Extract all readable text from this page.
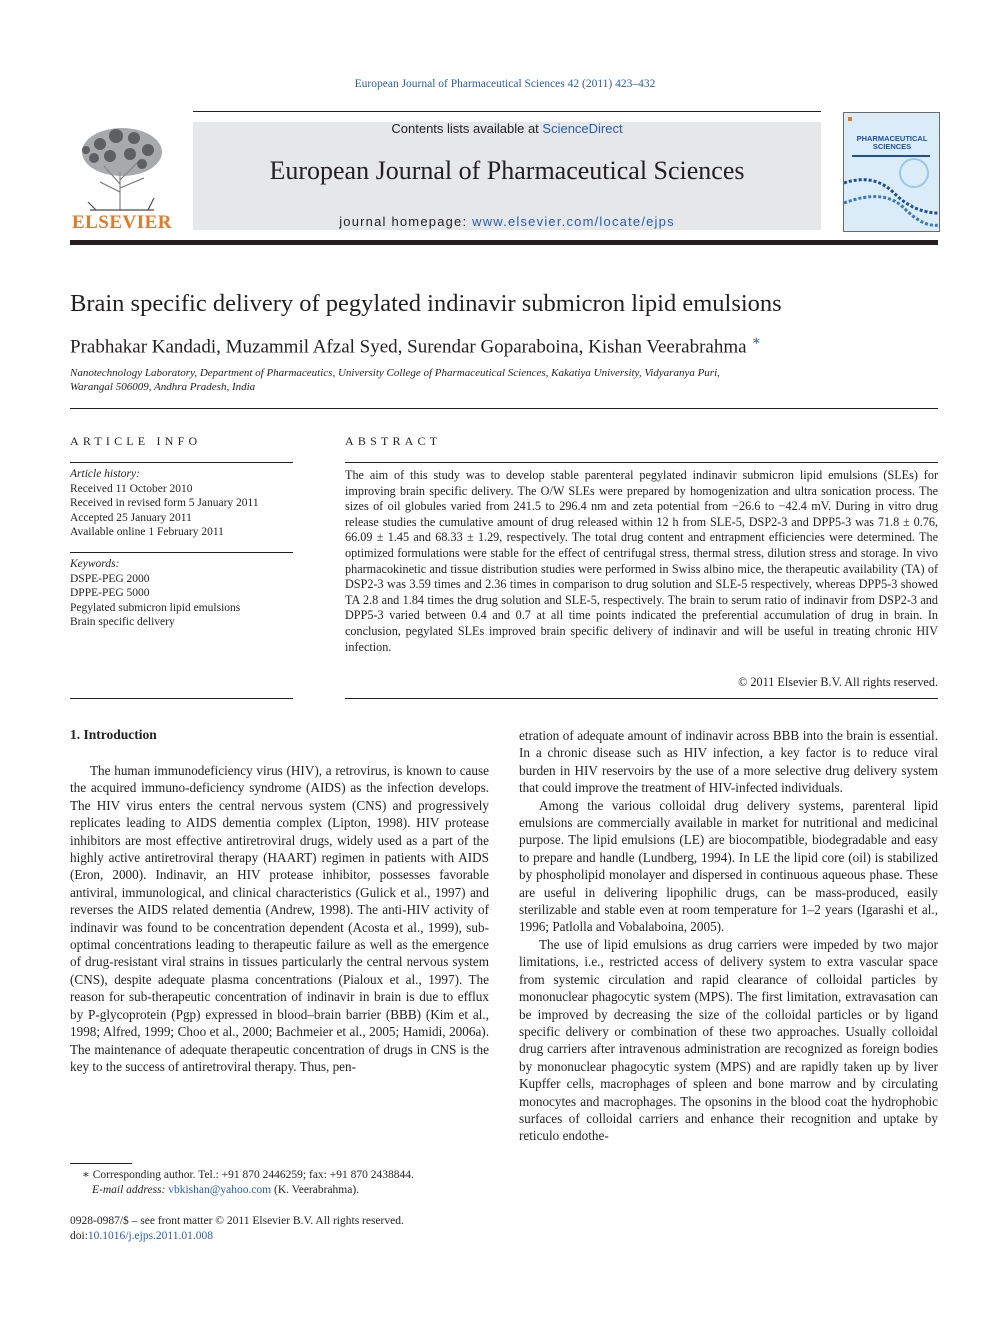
European Journal of Pharmaceutical Sciences 42 (2011) 423–432
ELSEVIER
Contents lists available at ScienceDirect
European Journal of Pharmaceutical Sciences
journal homepage: www.elsevier.com/locate/ejps
PHARMACEUTICAL
SCIENCES
Brain specific delivery of pegylated indinavir submicron lipid emulsions
Prabhakar Kandadi, Muzammil Afzal Syed, Surendar Goparaboina, Kishan Veerabrahma ∗
Nanotechnology Laboratory, Department of Pharmaceutics, University College of Pharmaceutical Sciences, Kakatiya University, Vidyaranya Puri,
Warangal 506009, Andhra Pradesh, India
ARTICLE INFO	ABSTRACT
Article history:
Received 11 October 2010
Received in revised form 5 January 2011
Accepted 25 January 2011
Available online 1 February 2011
Keywords:
DSPE-PEG 2000
DPPE-PEG 5000
Pegylated submicron lipid emulsions
Brain specific delivery
The aim of this study was to develop stable parenteral pegylated indinavir submicron lipid emulsions (SLEs) for improving brain specific delivery. The O/W SLEs were prepared by homogenization and ultra sonication process. The sizes of oil globules varied from 241.5 to 296.4 nm and zeta potential from −26.6 to −42.4 mV. During in vitro drug release studies the cumulative amount of drug released within 12 h from SLE-5, DSP2-3 and DPP5-3 was 71.8 ± 0.76, 66.09 ± 1.45 and 68.33 ± 1.29, respectively. The total drug content and entrapment efficiencies were determined. The optimized formulations were stable for the effect of centrifugal stress, thermal stress, dilution stress and storage. In vivo pharmacokinetic and tissue distribution studies were performed in Swiss albino mice, the therapeutic availability (TA) of DSP2-3 was 3.59 times and 2.36 times in comparison to drug solution and SLE-5 respectively, whereas DPP5-3 showed TA 2.8 and 1.84 times the drug solution and SLE-5, respectively. The brain to serum ratio of indinavir from DSP2-3 and DPP5-3 varied between 0.4 and 0.7 at all time points indicated the preferential accumulation of drug in brain. In conclusion, pegylated SLEs improved brain specific delivery of indinavir and will be useful in treating chronic HIV infection.
© 2011 Elsevier B.V. All rights reserved.
1. Introduction

The human immunodeficiency virus (HIV), a retrovirus, is known to cause the acquired immuno-deficiency syndrome (AIDS) as the infection develops. The HIV virus enters the central nervous system (CNS) and progressively replicates leading to AIDS dementia complex (Lipton, 1998). HIV protease inhibitors are most effective antiretroviral drugs, widely used as a part of the highly active antiretroviral therapy (HAART) regimen in patients with AIDS (Eron, 2000). Indinavir, an HIV protease inhibitor, possesses favorable antiviral, immunological, and clinical characteristics (Gulick et al., 1997) and reverses the AIDS related dementia (Andrew, 1998). The anti-HIV activity of indinavir was found to be concentration dependent (Acosta et al., 1999), sub-optimal concentrations leading to therapeutic failure as well as the emergence of drug-resistant viral strains in tissues particularly the central nervous system (CNS), despite adequate plasma concentrations (Pialoux et al., 1997). The reason for sub-therapeutic concentration of indinavir in brain is due to efflux by P-glycoprotein (Pgp) expressed in blood–brain barrier (BBB) (Kim et al., 1998; Alfred, 1999; Choo et al., 2000; Bachmeier et al., 2005; Hamidi, 2006a). The maintenance of adequate therapeutic concentration of drugs in CNS is the key to the success of antiretroviral therapy. Thus, pen-

etration of adequate amount of indinavir across BBB into the brain is essential. In a chronic disease such as HIV infection, a key factor is to reduce viral burden in HIV reservoirs by the use of a more selective drug delivery system that could improve the treatment of HIV-infected individuals.

Among the various colloidal drug delivery systems, parenteral lipid emulsions are commercially available in market for nutritional and medicinal purpose. The lipid emulsions (LE) are biocompatible, biodegradable and easy to prepare and handle (Lundberg, 1994). In LE the lipid core (oil) is stabilized by phospholipid monolayer and dispersed in continuous aqueous phase. These are useful in delivering lipophilic drugs, can be mass-produced, easily sterilizable and stable even at room temperature for 1–2 years (Igarashi et al., 1996; Patlolla and Vobalaboina, 2005).

The use of lipid emulsions as drug carriers were impeded by two major limitations, i.e., restricted access of delivery system to extra vascular space from systemic circulation and rapid clearance of colloidal particles by mononuclear phagocytic system (MPS). The first limitation, extravasation can be improved by decreasing the size of the colloidal particles or by ligand specific delivery or combination of these two approaches. Usually colloidal drug carriers after intravenous administration are recognized as foreign bodies by mononuclear phagocytic system (MPS) and are rapidly taken up by liver Kupffer cells, macrophages of spleen and bone marrow and by circulating monocytes and macrophages. The opsonins in the blood coat the hydrophobic surfaces of colloidal carriers and enhance their recognition and uptake by reticulo endothe-

∗ Corresponding author. Tel.: +91 870 2446259; fax: +91 870 2438844.
E-mail address: vbkishan@yahoo.com (K. Veerabrahma).
0928-0987/$ – see front matter © 2011 Elsevier B.V. All rights reserved.
doi:10.1016/j.ejps.2011.01.008
